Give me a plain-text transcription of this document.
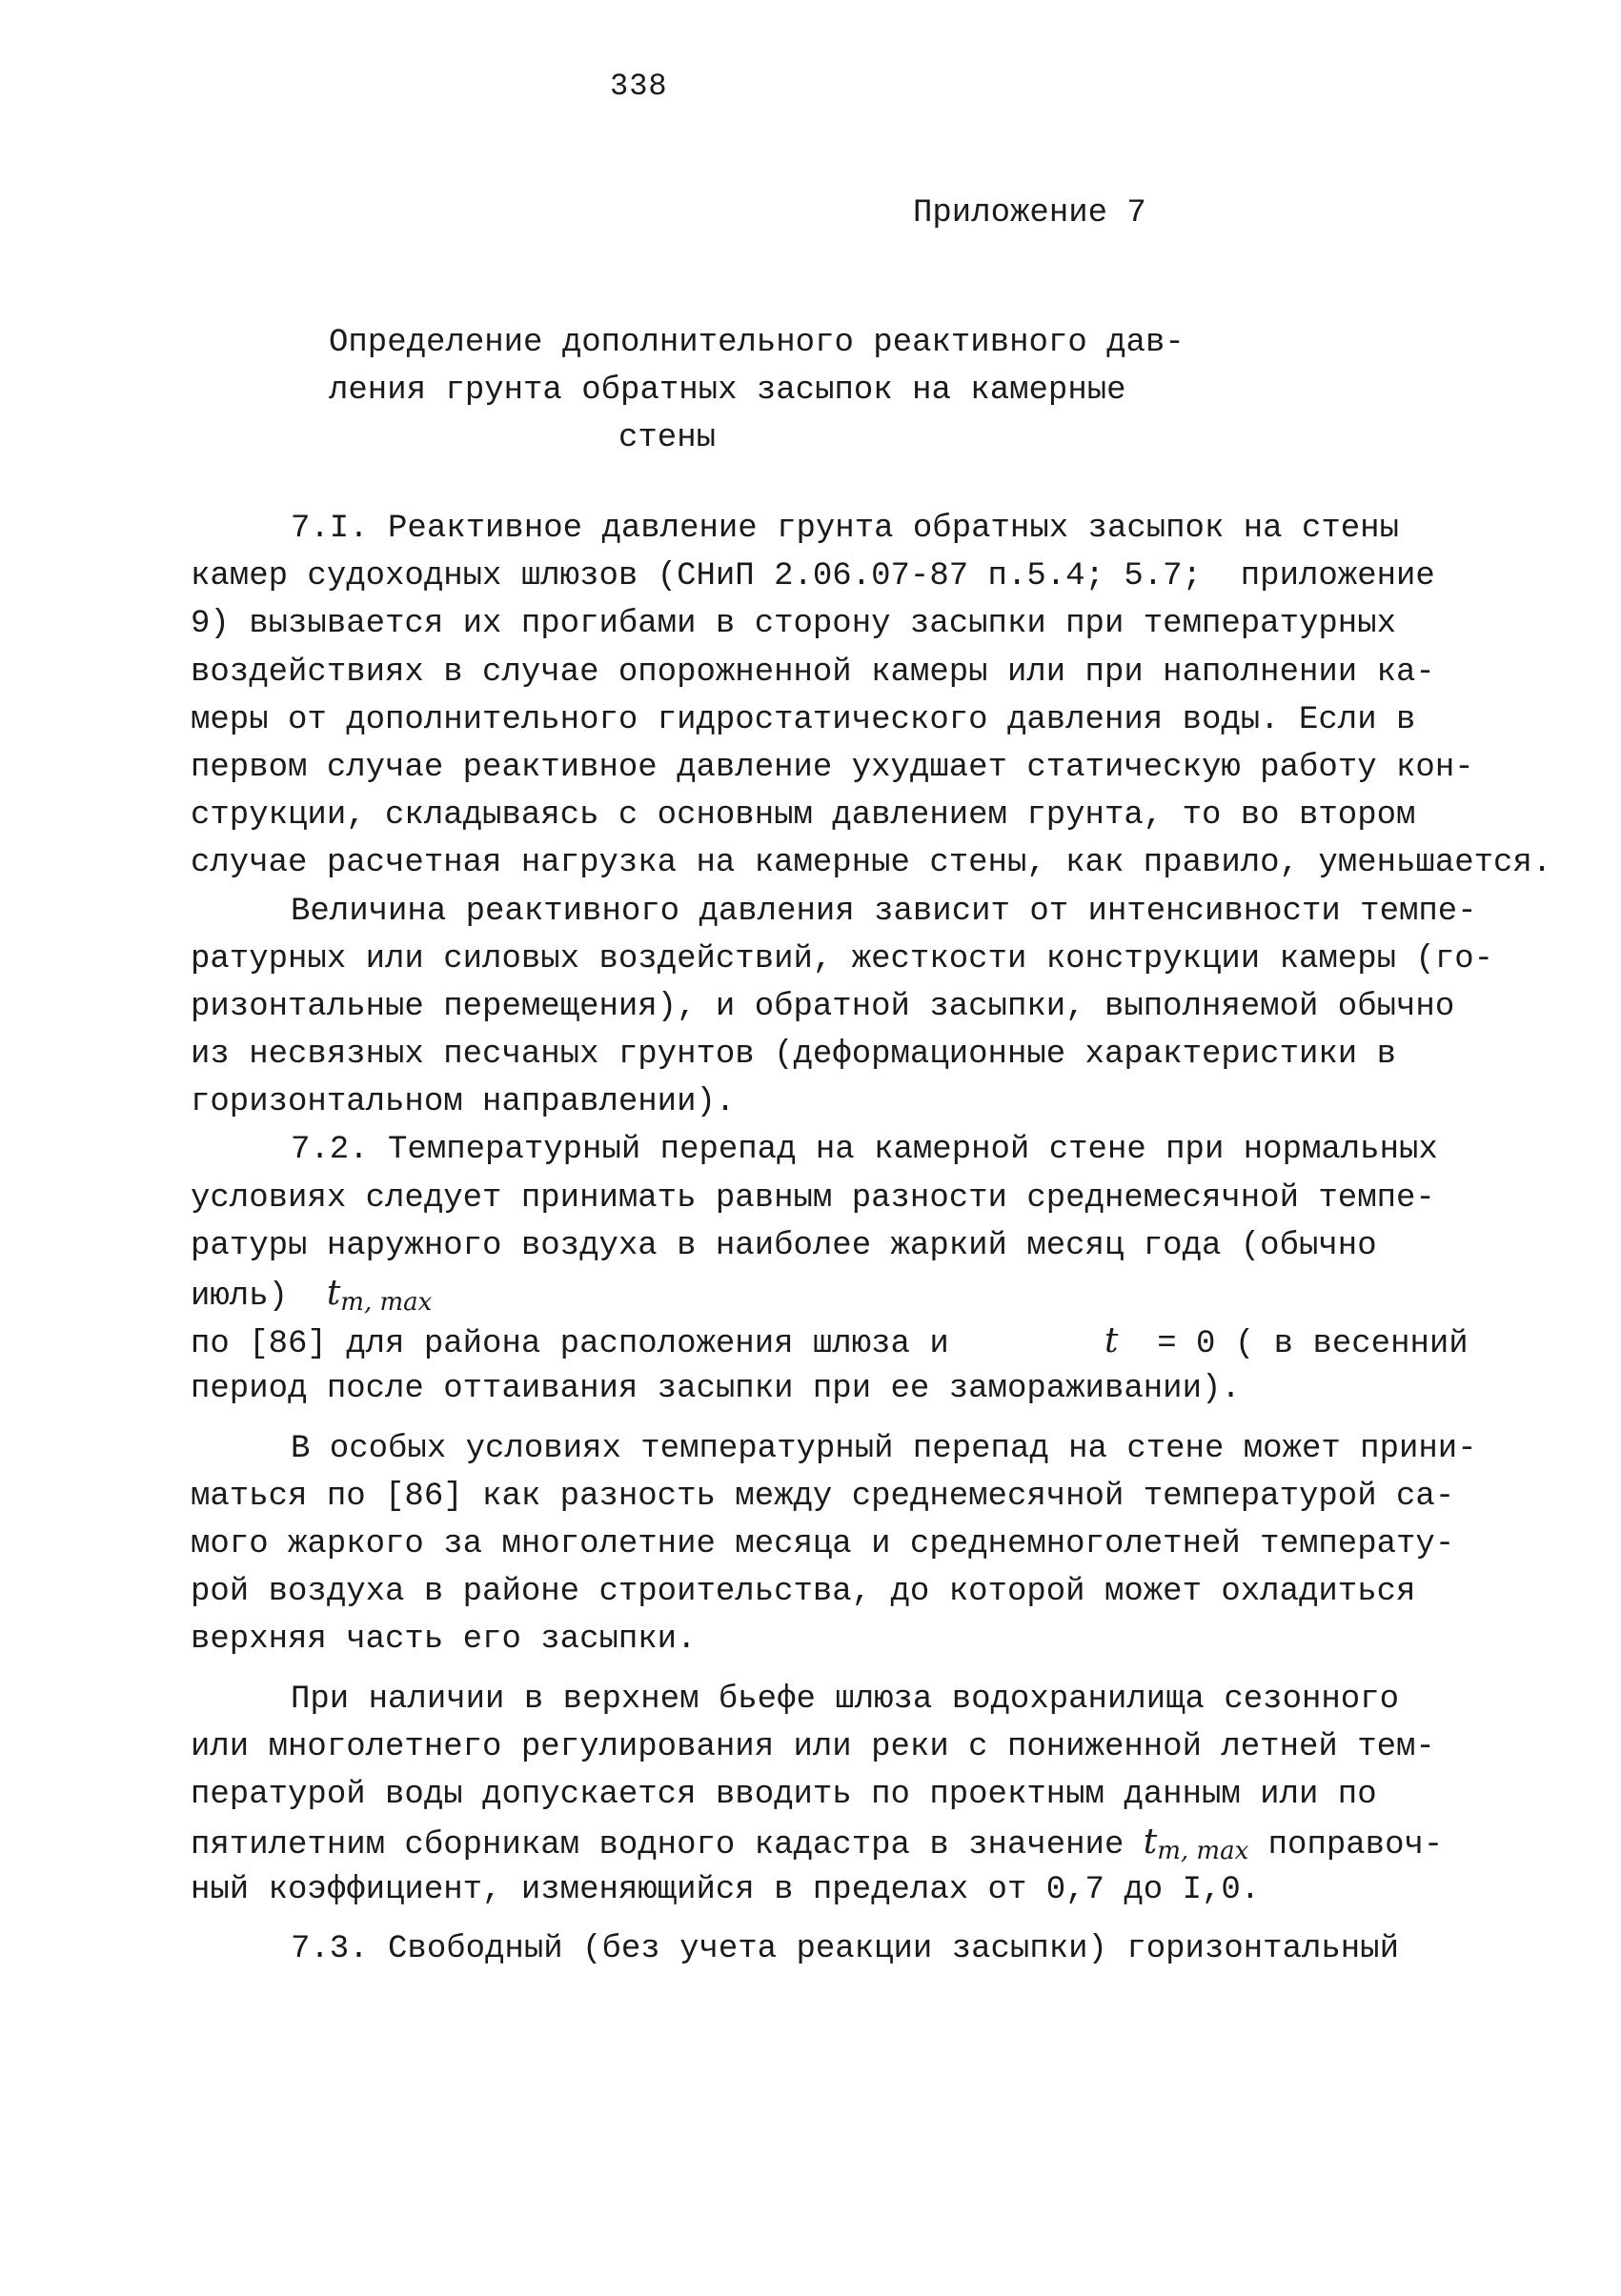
338
Приложение 7
Определение дополнительного реактивного дав-
ления грунта обратных засыпок на камерные
стены
7.I. Реактивное давление грунта обратных засыпок на стены
камер судоходных шлюзов (СНиП 2.06.07-87 п.5.4; 5.7;  приложение
9) вызывается их прогибами в сторону засыпки при температурных
воздействиях в случае опорожненной камеры или при наполнении ка-
меры от дополнительного гидростатического давления воды. Если в
первом случае реактивное давление ухудшает статическую работу кон-
струкции, складываясь с основным давлением грунта, то во втором
случае расчетная нагрузка на камерные стены, как правило, уменьшается.
Величина реактивного давления зависит от интенсивности темпе-
ратурных или силовых воздействий, жесткости конструкции камеры (го-
ризонтальные перемещения), и обратной засыпки, выполняемой обычно
из несвязных песчаных грунтов (деформационные характеристики в
горизонтальном направлении).
7.2. Температурный перепад на камерной стене при нормальных
условиях следует принимать равным разности среднемесячной темпе-
ратуры наружного воздуха в наиболее жаркий месяц года (обычно
июль)  $t_{m, max}$
по [86] для района расположения шлюза и        t  = 0 ( в весенний
период после оттаивания засыпки при ее замораживании).
В особых условиях температурный перепад на стене может прини-
маться по [86] как разность между среднемесячной температурой са-
мого жаркого за многолетние месяца и среднемноголетней температу-
рой воздуха в районе строительства, до которой может охладиться
верхняя часть его засыпки.
При наличии в верхнем бьефе шлюза водохранилища сезонного
или многолетнего регулирования или реки с пониженной летней тем-
пературой воды допускается вводить по проектным данным или по
пятилетним сборникам водного кадастра в значение $t_{m, max}$ поправоч-
ный коэффициент, изменяющийся в пределах от 0,7 до I,0.
7.3. Свободный (без учета реакции засыпки) горизонтальный
